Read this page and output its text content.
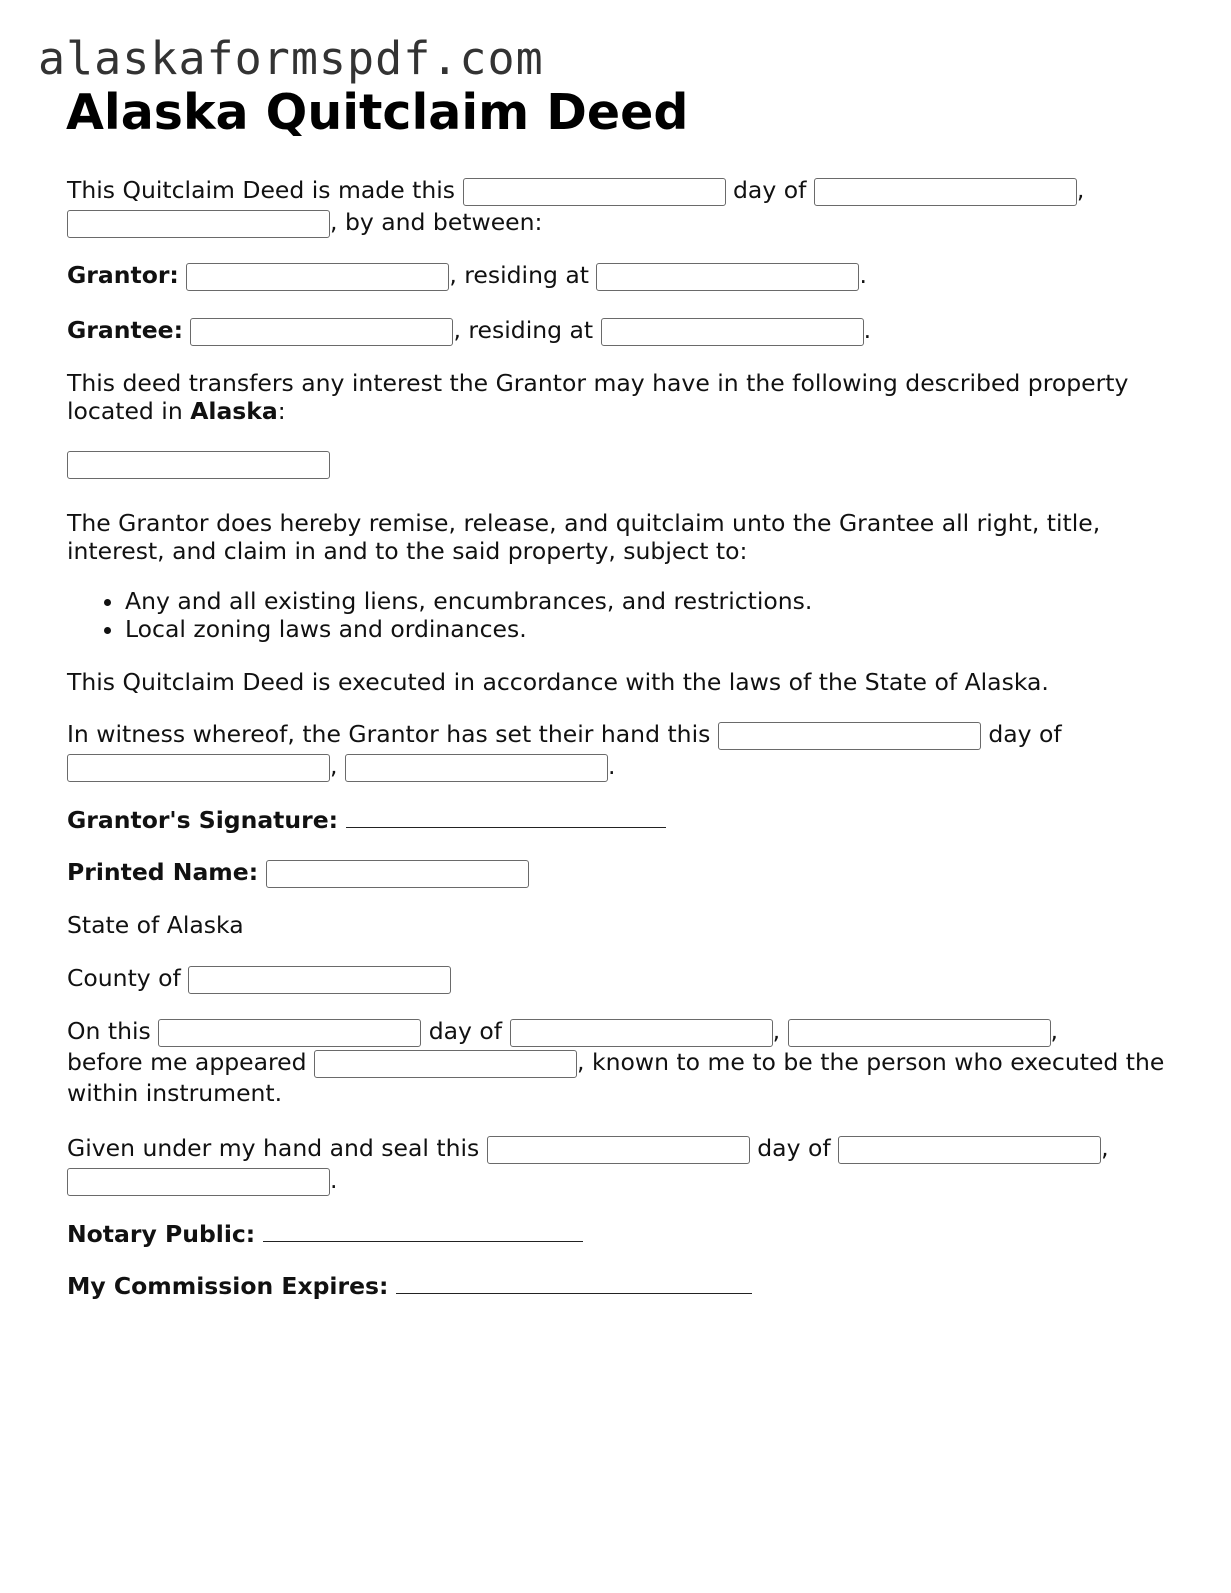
alaskaformspdf.com
Alaska Quitclaim Deed

This Quitclaim Deed is made this	day of	,
, by and between:

Grantor:	, residing at	.

Grantee:	, residing at	.

This deed transfers any interest the Grantor may have in the following described property located in Alaska:

The Grantor does hereby remise, release, and quitclaim unto the Grantee all right, title, interest, and claim in and to the said property, subject to:

• Any and all existing liens, encumbrances, and restrictions.
• Local zoning laws and ordinances.

This Quitclaim Deed is executed in accordance with the laws of the State of Alaska.

In witness whereof, the Grantor has set their hand this	day of
,	.

Grantor's Signature:

Printed Name:

State of Alaska

County of

On this	day of	,	,
before me appeared	, known to me to be the person who executed the within instrument.

Given under my hand and seal this	day of	,
.

Notary Public:

My Commission Expires:
